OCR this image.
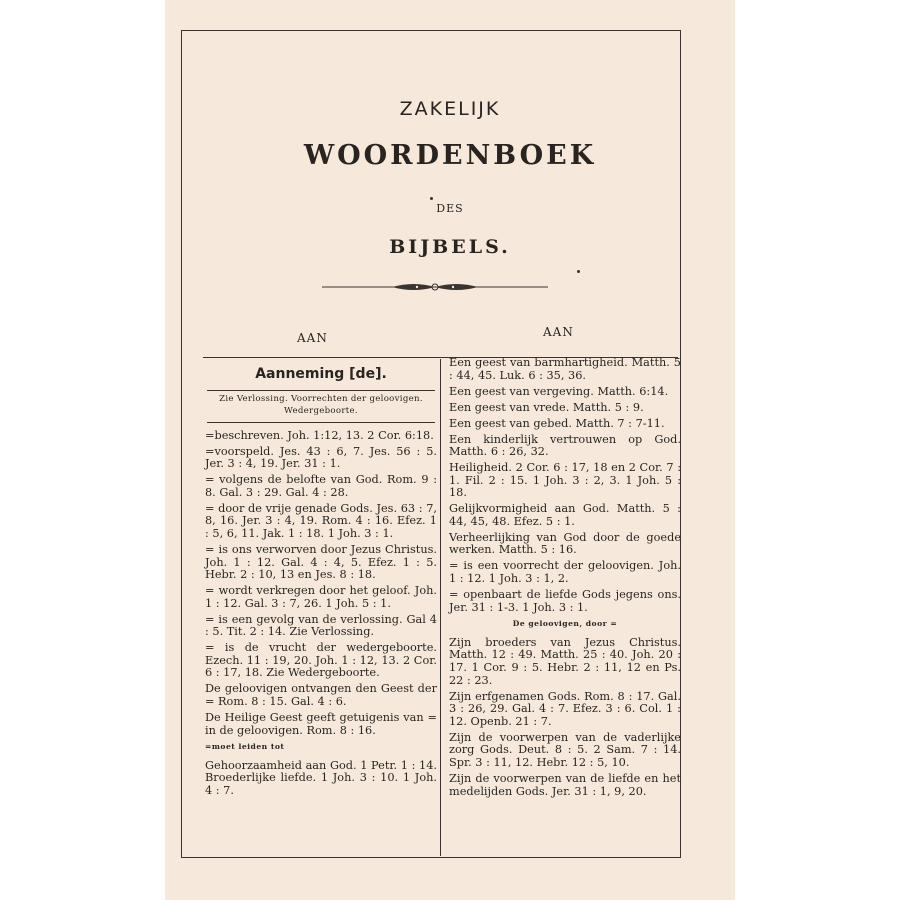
ZAKELIJK
WOORDENBOEK
DES
BIJBELS.
AAN	AAN
Aanneming [de].
Zie Verlossing. Voorrechten der geloovigen. Wedergeboorte.
=beschreven. Joh. 1:12, 13. 2 Cor. 6:18.
=voorspeld. Jes. 43 : 6, 7. Jes. 56 : 5. Jer. 3 : 4, 19. Jer. 31 : 1.
= volgens de belofte van God. Rom. 9 : 8. Gal. 3 : 29. Gal. 4 : 28.
= door de vrije genade Gods. Jes. 63 : 7, 8, 16. Jer. 3 : 4, 19. Rom. 4 : 16. Efez. 1 : 5, 6, 11. Jak. 1 : 18. 1 Joh. 3 : 1.
= is ons verworven door Jezus Christus. Joh. 1 : 12. Gal. 4 : 4, 5. Efez. 1 : 5. Hebr. 2 : 10, 13 en Jes. 8 : 18.
= wordt verkregen door het geloof. Joh. 1 : 12. Gal. 3 : 7, 26. 1 Joh. 5 : 1.
= is een gevolg van de verlossing. Gal 4 : 5. Tit. 2 : 14. Zie Verlossing.
= is de vrucht der wedergeboorte. Ezech. 11 : 19, 20. Joh. 1 : 12, 13. 2 Cor. 6 : 17, 18. Zie Wedergeboorte.
De geloovigen ontvangen den Geest der = Rom. 8 : 15. Gal. 4 : 6.
De Heilige Geest geeft getuigenis van = in de geloovigen. Rom. 8 : 16.
=moet leiden tot
Gehoorzaamheid aan God. 1 Petr. 1 : 14. Broederlijke liefde. 1 Joh. 3 : 10. 1 Joh. 4 : 7.
Een geest van barmhartigheid. Matth. 5 : 44, 45. Luk. 6 : 35, 36.
Een geest van vergeving. Matth. 6:14.
Een geest van vrede. Matth. 5 : 9.
Een geest van gebed. Matth. 7 : 7-11.
Een kinderlijk vertrouwen op God. Matth. 6 : 26, 32.
Heiligheid. 2 Cor. 6 : 17, 18 en 2 Cor. 7 : 1. Fil. 2 : 15. 1 Joh. 3 : 2, 3. 1 Joh. 5 : 18.
Gelijkvormigheid aan God. Matth. 5 : 44, 45, 48. Efez. 5 : 1.
Verheerlijking van God door de goede werken. Matth. 5 : 16.
= is een voorrecht der geloovigen. Joh. 1 : 12. 1 Joh. 3 : 1, 2.
= openbaart de liefde Gods jegens ons. Jer. 31 : 1-3. 1 Joh. 3 : 1.
De geloovigen, door =
Zijn broeders van Jezus Christus. Matth. 12 : 49. Matth. 25 : 40. Joh. 20 : 17. 1 Cor. 9 : 5. Hebr. 2 : 11, 12 en Ps. 22 : 23.
Zijn erfgenamen Gods. Rom. 8 : 17. Gal. 3 : 26, 29. Gal. 4 : 7. Efez. 3 : 6. Col. 1 : 12. Openb. 21 : 7.
Zijn de voorwerpen van de vaderlijke zorg Gods. Deut. 8 : 5. 2 Sam. 7 : 14. Spr. 3 : 11, 12. Hebr. 12 : 5, 10.
Zijn de voorwerpen van de liefde en het medelijden Gods. Jer. 31 : 1, 9, 20.
